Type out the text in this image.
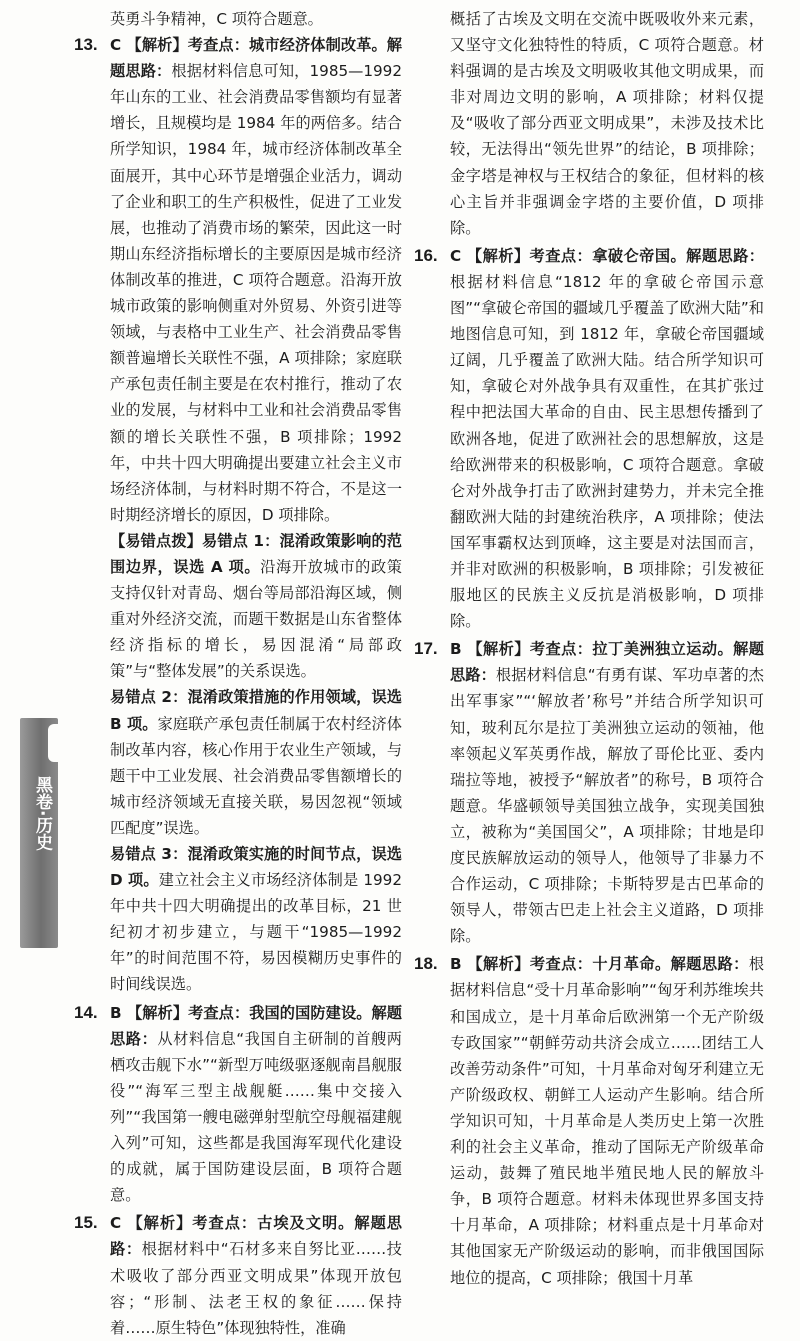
英勇斗争精神，C 项符合题意。

13. C 【解析】考查点：城市经济体制改革。解题思路：根据材料信息可知，1985—1992 年山东的工业、社会消费品零售额均有显著增长，且规模均是 1984 年的两倍多。结合所学知识，1984 年，城市经济体制改革全面展开，其中心环节是增强企业活力，调动了企业和职工的生产积极性，促进了工业发展，也推动了消费市场的繁荣，因此这一时期山东经济指标增长的主要原因是城市经济体制改革的推进，C 项符合题意。沿海开放城市政策的影响侧重对外贸易、外资引进等领域，与表格中工业生产、社会消费品零售额普遍增长关联性不强，A 项排除；家庭联产承包责任制主要是在农村推行，推动了农业的发展，与材料中工业和社会消费品零售额的增长关联性不强，B 项排除；1992 年，中共十四大明确提出要建立社会主义市场经济体制，与材料时期不符合，不是这一时期经济增长的原因，D 项排除。
【易错点拨】易错点 1：混淆政策影响的范围边界，误选 A 项。沿海开放城市的政策支持仅针对青岛、烟台等局部沿海区域，侧重对外经济交流，而题干数据是山东省整体经济指标的增长，易因混淆“局部政策”与“整体发展”的关系误选。
易错点 2：混淆政策措施的作用领域，误选 B 项。家庭联产承包责任制属于农村经济体制改革内容，核心作用于农业生产领域，与题干中工业发展、社会消费品零售额增长的城市经济领域无直接关联，易因忽视“领域匹配度”误选。
易错点 3：混淆政策实施的时间节点，误选 D 项。建立社会主义市场经济体制是 1992 年中共十四大明确提出的改革目标，21 世纪初才初步建立，与题干“1985—1992 年”的时间范围不符，易因模糊历史事件的时间线误选。
14. B 【解析】考查点：我国的国防建设。解题思路：从材料信息“我国自主研制的首艘两栖攻击舰下水”“新型万吨级驱逐舰南昌舰服役”“海军三型主战舰艇……集中交接入列”“我国第一艘电磁弹射型航空母舰福建舰入列”可知，这些都是我国海军现代化建设的成就，属于国防建设层面，B 项符合题意。
15. C 【解析】考查点：古埃及文明。解题思路：根据材料中“石材多来自努比亚……技术吸收了部分西亚文明成果”体现开放包容；“形制、法老王权的象征……保持着……原生特色”体现独特性，准确

概括了古埃及文明在交流中既吸收外来元素，又坚守文化独特性的特质，C 项符合题意。材料强调的是古埃及文明吸收其他文明成果，而非对周边文明的影响，A 项排除；材料仅提及“吸收了部分西亚文明成果”，未涉及技术比较，无法得出“领先世界”的结论，B 项排除；金字塔是神权与王权结合的象征，但材料的核心主旨并非强调金字塔的主要价值，D 项排除。

16. C 【解析】考查点：拿破仑帝国。解题思路：根据材料信息“1812 年的拿破仑帝国示意图”“拿破仑帝国的疆域几乎覆盖了欧洲大陆”和地图信息可知，到 1812 年，拿破仑帝国疆域辽阔，几乎覆盖了欧洲大陆。结合所学知识可知，拿破仑对外战争具有双重性，在其扩张过程中把法国大革命的自由、民主思想传播到了欧洲各地，促进了欧洲社会的思想解放，这是给欧洲带来的积极影响，C 项符合题意。拿破仑对外战争打击了欧洲封建势力，并未完全推翻欧洲大陆的封建统治秩序，A 项排除；使法国军事霸权达到顶峰，这主要是对法国而言，并非对欧洲的积极影响，B 项排除；引发被征服地区的民族主义反抗是消极影响，D 项排除。
17. B 【解析】考查点：拉丁美洲独立运动。解题思路：根据材料信息“有勇有谋、军功卓著的杰出军事家”“‘解放者’称号”并结合所学知识可知，玻利瓦尔是拉丁美洲独立运动的领袖，他率领起义军英勇作战，解放了哥伦比亚、委内瑞拉等地，被授予“解放者”的称号，B 项符合题意。华盛顿领导美国独立战争，实现美国独立，被称为“美国国父”，A 项排除；甘地是印度民族解放运动的领导人，他领导了非暴力不合作运动，C 项排除；卡斯特罗是古巴革命的领导人，带领古巴走上社会主义道路，D 项排除。
18. B 【解析】考查点：十月革命。解题思路：根据材料信息“受十月革命影响”“匈牙利苏维埃共和国成立，是十月革命后欧洲第一个无产阶级专政国家”“朝鲜劳动共济会成立……团结工人改善劳动条件”可知，十月革命对匈牙利建立无产阶级政权、朝鲜工人运动产生影响。结合所学知识可知，十月革命是人类历史上第一次胜利的社会主义革命，推动了国际无产阶级革命运动，鼓舞了殖民地半殖民地人民的解放斗争，B 项符合题意。材料未体现世界多国支持十月革命，A 项排除；材料重点是十月革命对其他国家无产阶级运动的影响，而非俄国国际地位的提高，C 项排除；俄国十月革
黑卷·历史
